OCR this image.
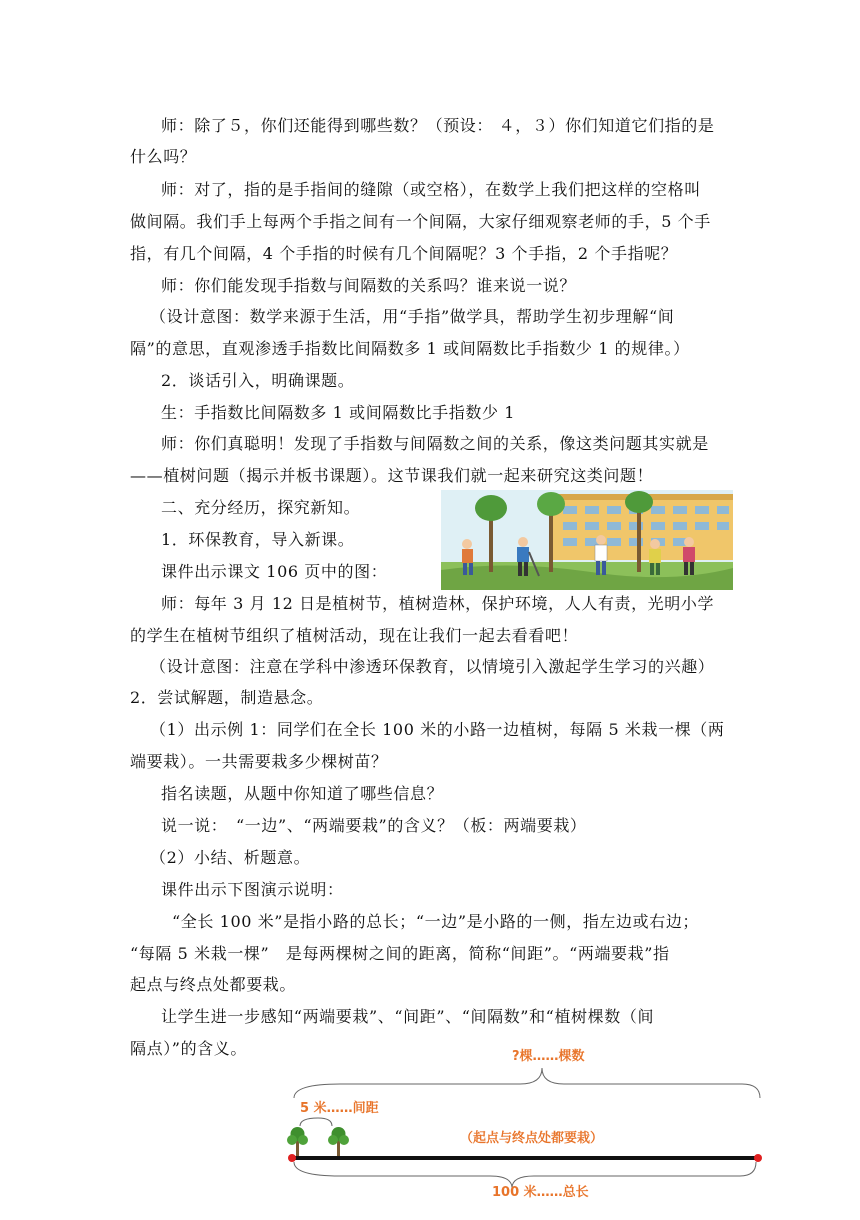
师：除了５，你们还能得到哪些数？（预设： ４，３）你们知道它们指的是
什么吗？
师：对了，指的是手指间的缝隙（或空格），在数学上我们把这样的空格叫
做间隔。我们手上每两个手指之间有一个间隔，大家仔细观察老师的手，5 个手
指，有几个间隔，4 个手指的时候有几个间隔呢？3 个手指，2 个手指呢？
师：你们能发现手指数与间隔数的关系吗？谁来说一说？
（设计意图：数学来源于生活，用“手指”做学具，帮助学生初步理解“间
隔”的意思，直观渗透手指数比间隔数多 1 或间隔数比手指数少 1 的规律。）
2．谈话引入，明确课题。
生：手指数比间隔数多 1 或间隔数比手指数少 1
师：你们真聪明！发现了手指数与间隔数之间的关系，像这类问题其实就是
——植树问题（揭示并板书课题）。这节课我们就一起来研究这类问题！
二、充分经历，探究新知。
1．环保教育，导入新课。
课件出示课文 106 页中的图：
师：每年 3 月 12 日是植树节，植树造林，保护环境，人人有责，光明小学
的学生在植树节组织了植树活动，现在让我们一起去看看吧！
（设计意图：注意在学科中渗透环保教育，以情境引入激起学生学习的兴趣）
2．尝试解题，制造悬念。
（1）出示例 1：同学们在全长 100 米的小路一边植树，每隔 5 米栽一棵（两
端要栽）。一共需要栽多少棵树苗？
指名读题，从题中你知道了哪些信息？
说一说：　“一边”、“两端要栽”的含义？（板：两端要栽）
（2）小结、析题意。
课件出示下图演示说明：
“全长 100 米”是指小路的总长；“一边”是小路的一侧，指左边或右边；
“每隔 5 米栽一棵”　是每两棵树之间的距离，简称“间距”。“两端要栽”指
起点与终点处都要栽。
让学生进一步感知“两端要栽”、“间距”、“间隔数”和“植树棵数（间
隔点）”的含义。	?棵……棵数
5 米……间距
（起点与终点处都要栽）
100 米……总长
